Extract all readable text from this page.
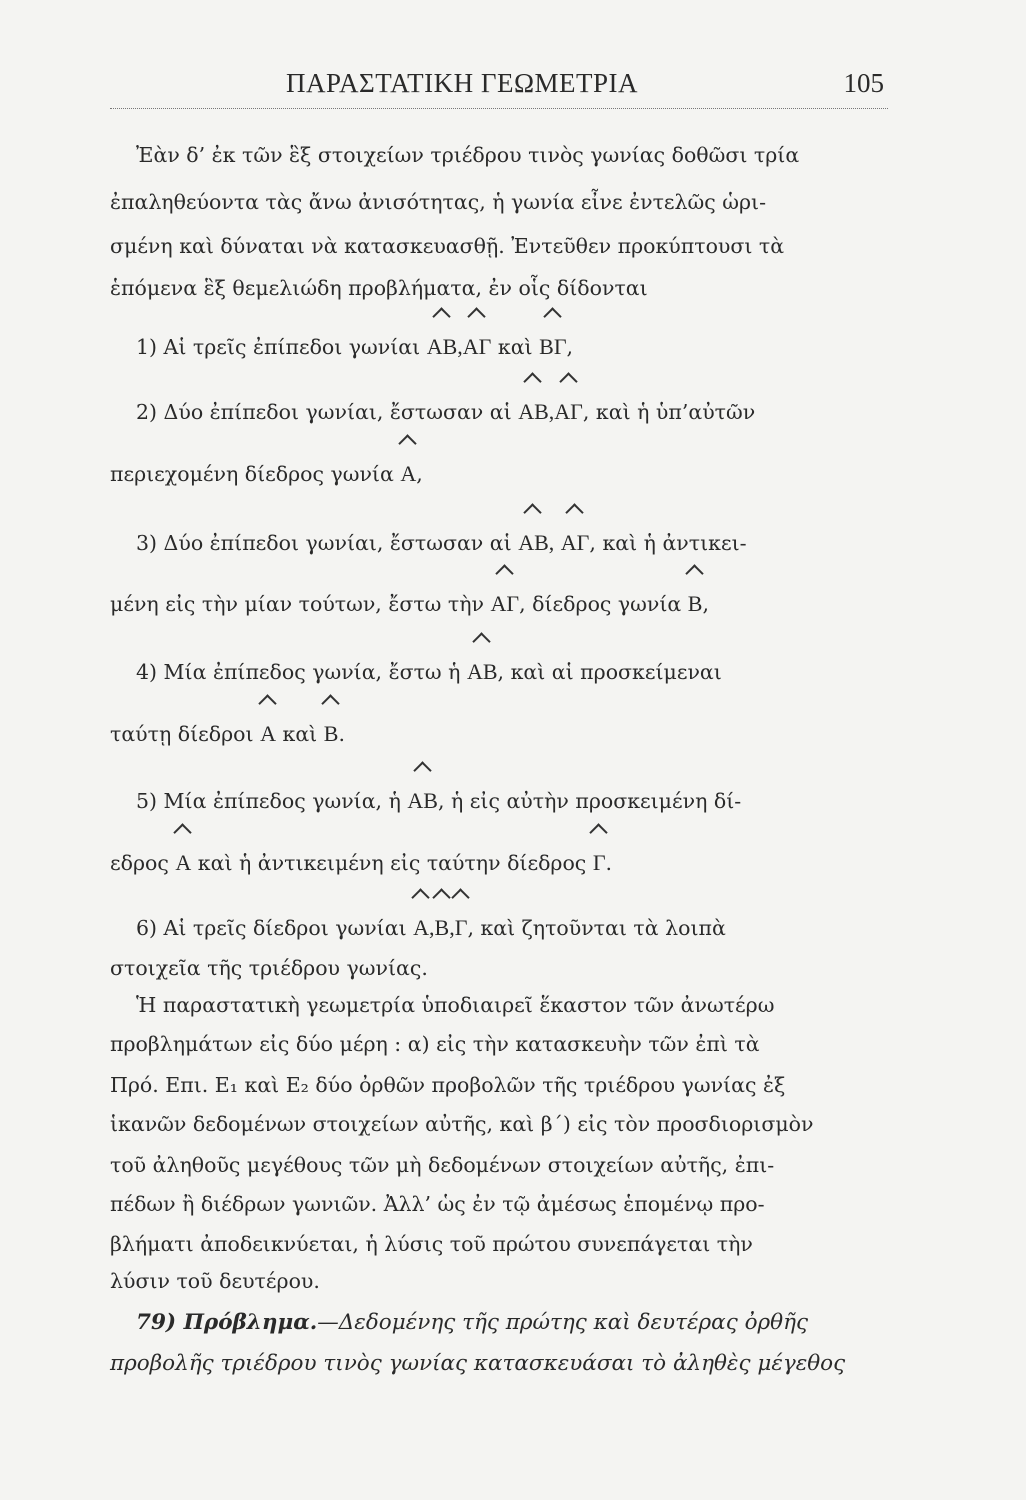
ΠΑΡΑΣΤΑΤΙΚΗ ΓΕΩΜΕΤΡΙΑ	105
Ἐὰν δ’ ἐκ τῶν ἓξ στοιχείων τριέδρου τινὸς γωνίας δοθῶσι τρία
ἐπαληθεύοντα τὰς ἄνω ἀνισότητας, ἡ γωνία εἶνε ἐντελῶς ὡρι-
σμένη καὶ δύναται νὰ κατασκευασθῇ. Ἐντεῦθεν προκύπτουσι τὰ
ἑπόμενα ἓξ θεμελιώδη προβλήματα, ἐν οἷς δίδονται
1) Αἱ τρεῖς ἐπίπεδοι γωνίαι ΑΒ,ΑΓ καὶ ΒΓ,
2) Δύο ἐπίπεδοι γωνίαι, ἔστωσαν αἱ ΑΒ,ΑΓ, καὶ ἡ ὑπ’αὐτῶν
περιεχομένη δίεδρος γωνία Α,
3) Δύο ἐπίπεδοι γωνίαι, ἔστωσαν αἱ ΑΒ, ΑΓ, καὶ ἡ ἀντικει-
μένη εἰς τὴν μίαν τούτων, ἔστω τὴν ΑΓ, δίεδρος γωνία Β,
4) Μία ἐπίπεδος γωνία, ἔστω ἡ ΑΒ, καὶ αἱ προσκείμεναι
ταύτῃ δίεδροι Α καὶ Β.
5) Μία ἐπίπεδος γωνία, ἡ ΑΒ, ἡ εἰς αὐτὴν προσκειμένη δί-
εδρος Α καὶ ἡ ἀντικειμένη εἰς ταύτην δίεδρος Γ.
6) Αἱ τρεῖς δίεδροι γωνίαι Α,Β,Γ, καὶ ζητοῦνται τὰ λοιπὰ
στοιχεῖα τῆς τριέδρου γωνίας.
Ἡ παραστατικὴ γεωμετρία ὑποδιαιρεῖ ἕκαστον τῶν ἀνωτέρω
προβλημάτων εἰς δύο μέρη : α) εἰς τὴν κατασκευὴν τῶν ἐπὶ τὰ
Πρό. Επι. Ε₁ καὶ Ε₂ δύο ὀρθῶν προβολῶν τῆς τριέδρου γωνίας ἐξ
ἱκανῶν δεδομένων στοιχείων αὐτῆς, καὶ β΄) εἰς τὸν προσδιορισμὸν
τοῦ ἀληθοῦς μεγέθους τῶν μὴ δεδομένων στοιχείων αὐτῆς, ἐπι-
πέδων ἢ διέδρων γωνιῶν. Ἀλλ’ ὡς ἐν τῷ ἀμέσως ἑπομένῳ προ-
βλήματι ἀποδεικνύεται, ἡ λύσις τοῦ πρώτου συνεπάγεται τὴν
λύσιν τοῦ δευτέρου.
79) Πρόβλημα.—Δεδομένης τῆς πρώτης καὶ δευτέρας ὀρθῆς
προβολῆς τριέδρου τινὸς γωνίας κατασκευάσαι τὸ ἀληθὲς μέγεθος
